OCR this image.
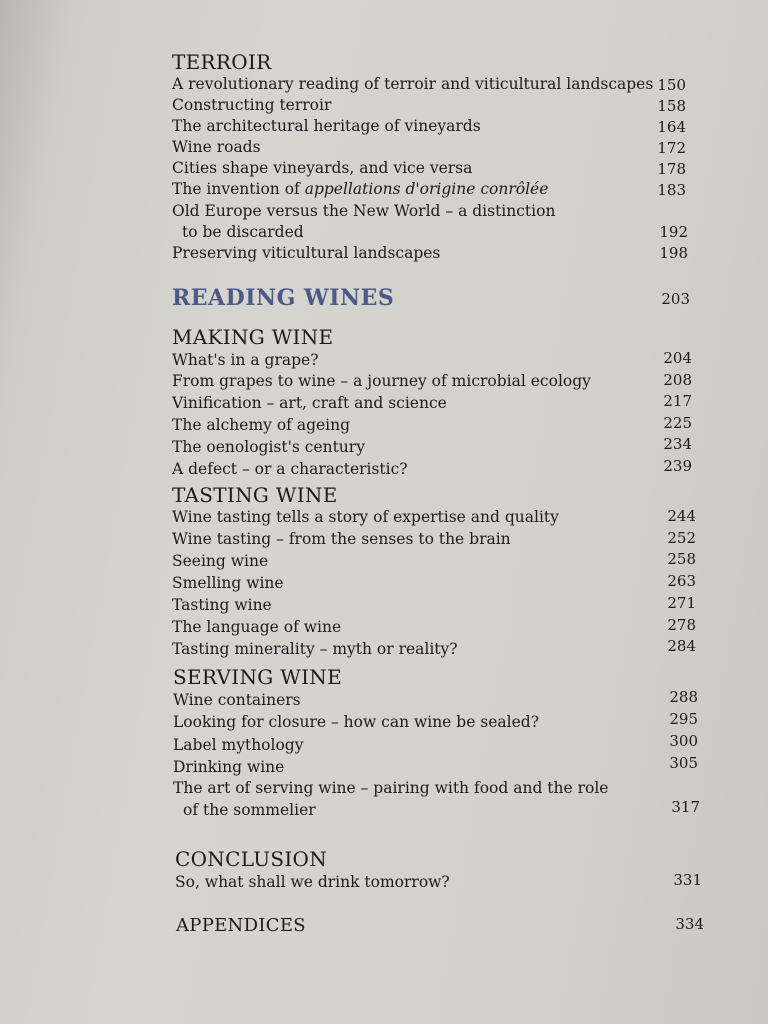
TERROIR
A revolutionary reading of terroir and viticultural landscapes 150
Constructing terroir	158
The architectural heritage of vineyards	164
Wine roads	172
Cities shape vineyards, and vice versa	178
The invention of appellations d'origine conrôlée	183
Old Europe versus the New World – a distinction
to be discarded	192
Preserving viticultural landscapes	198
READING WINES	203
MAKING WINE
What's in a grape?	204
From grapes to wine – a journey of microbial ecology	208
Vinification – art, craft and science	217
The alchemy of ageing	225
The oenologist's century	234
A defect – or a characteristic?	239
TASTING WINE
Wine tasting tells a story of expertise and quality	244
Wine tasting – from the senses to the brain	252
Seeing wine	258
Smelling wine	263
Tasting wine	271
The language of wine	278
Tasting minerality – myth or reality?	284
SERVING WINE
Wine containers	288
Looking for closure – how can wine be sealed?	295
Label mythology	300
Drinking wine	305
The art of serving wine – pairing with food and the role
of the sommelier	317
CONCLUSION
So, what shall we drink tomorrow?	331
APPENDICES	334
